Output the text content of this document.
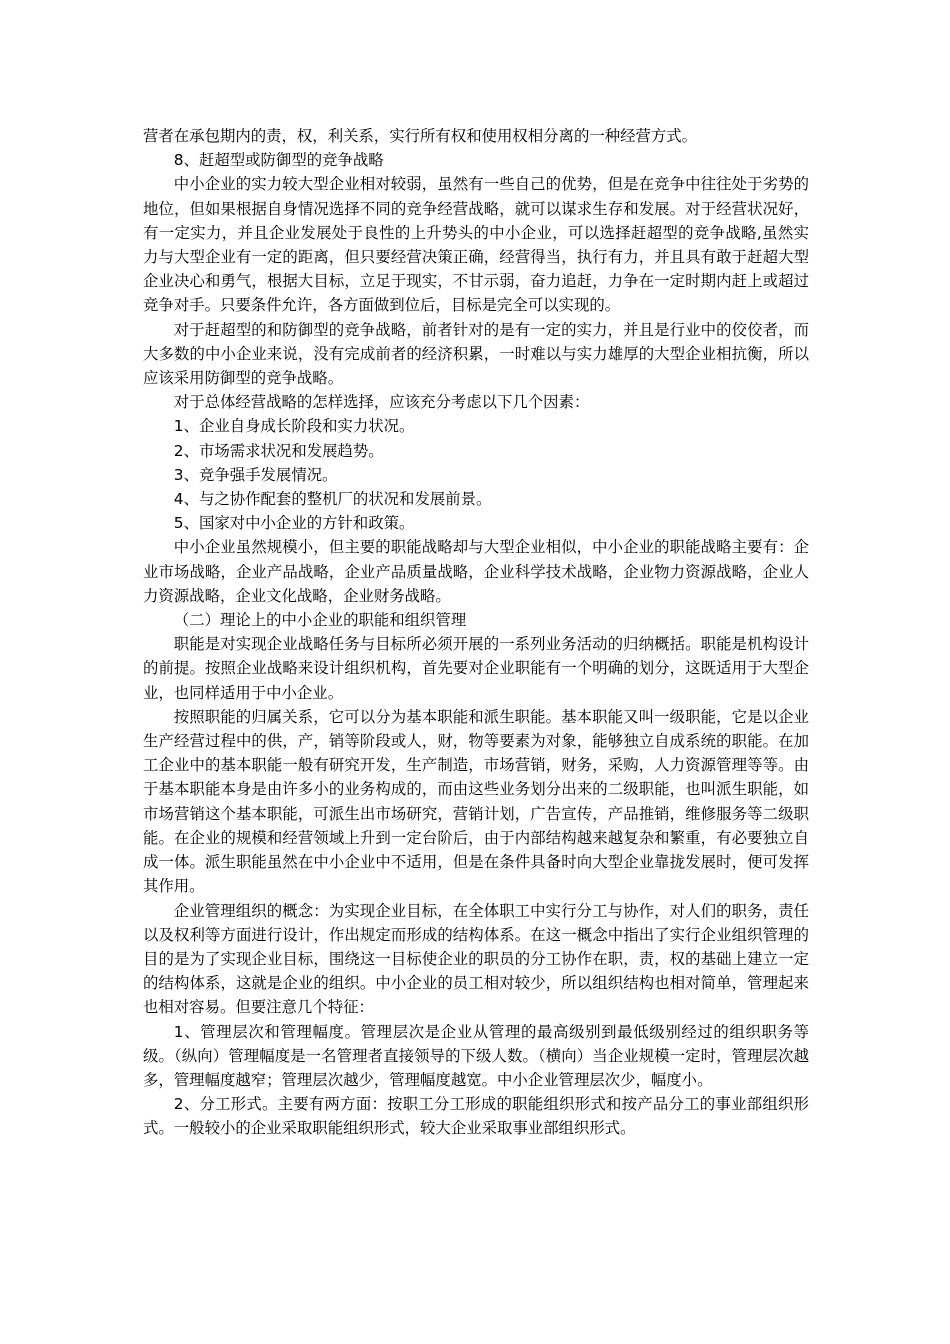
营者在承包期内的责，权，利关系，实行所有权和使用权相分离的一种经营方式。

8、赶超型或防御型的竞争战略

中小企业的实力较大型企业相对较弱，虽然有一些自己的优势，但是在竞争中往往处于劣势的地位，但如果根据自身情况选择不同的竞争经营战略，就可以谋求生存和发展。对于经营状况好，有一定实力，并且企业发展处于良性的上升势头的中小企业，可以选择赶超型的竞争战略,虽然实力与大型企业有一定的距离，但只要经营决策正确，经营得当，执行有力，并且具有敢于赶超大型企业决心和勇气，根据大目标，立足于现实，不甘示弱，奋力追赶，力争在一定时期内赶上或超过竞争对手。只要条件允许，各方面做到位后，目标是完全可以实现的。

对于赶超型的和防御型的竞争战略，前者针对的是有一定的实力，并且是行业中的佼佼者，而大多数的中小企业来说，没有完成前者的经济积累，一时难以与实力雄厚的大型企业相抗衡，所以应该采用防御型的竞争战略。

对于总体经营战略的怎样选择，应该充分考虑以下几个因素：

1、企业自身成长阶段和实力状况。

2、市场需求状况和发展趋势。

3、竞争强手发展情况。

4、与之协作配套的整机厂的状况和发展前景。

5、国家对中小企业的方针和政策。

中小企业虽然规模小，但主要的职能战略却与大型企业相似，中小企业的职能战略主要有：企业市场战略，企业产品战略，企业产品质量战略，企业科学技术战略，企业物力资源战略，企业人力资源战略，企业文化战略，企业财务战略。

（二）理论上的中小企业的职能和组织管理

职能是对实现企业战略任务与目标所必须开展的一系列业务活动的归纳概括。职能是机构设计的前提。按照企业战略来设计组织机构，首先要对企业职能有一个明确的划分，这既适用于大型企业，也同样适用于中小企业。

按照职能的归属关系，它可以分为基本职能和派生职能。基本职能又叫一级职能，它是以企业生产经营过程中的供，产，销等阶段或人，财，物等要素为对象，能够独立自成系统的职能。在加工企业中的基本职能一般有研究开发，生产制造，市场营销，财务，采购，人力资源管理等等。由于基本职能本身是由许多小的业务构成的，而由这些业务划分出来的二级职能，也叫派生职能，如市场营销这个基本职能，可派生出市场研究，营销计划，广告宣传，产品推销，维修服务等二级职能。在企业的规模和经营领域上升到一定台阶后，由于内部结构越来越复杂和繁重，有必要独立自成一体。派生职能虽然在中小企业中不适用，但是在条件具备时向大型企业靠拢发展时，便可发挥其作用。

企业管理组织的概念：为实现企业目标，在全体职工中实行分工与协作，对人们的职务，责任以及权利等方面进行设计，作出规定而形成的结构体系。在这一概念中指出了实行企业组织管理的目的是为了实现企业目标，围绕这一目标使企业的职员的分工协作在职，责，权的基础上建立一定的结构体系，这就是企业的组织。中小企业的员工相对较少，所以组织结构也相对简单，管理起来也相对容易。但要注意几个特征：

1、管理层次和管理幅度。管理层次是企业从管理的最高级别到最低级别经过的组织职务等级。（纵向）管理幅度是一名管理者直接领导的下级人数。（横向）当企业规模一定时，管理层次越多，管理幅度越窄；管理层次越少，管理幅度越宽。中小企业管理层次少，幅度小。

2、分工形式。主要有两方面：按职工分工形成的职能组织形式和按产品分工的事业部组织形式。一般较小的企业采取职能组织形式，较大企业采取事业部组织形式。
